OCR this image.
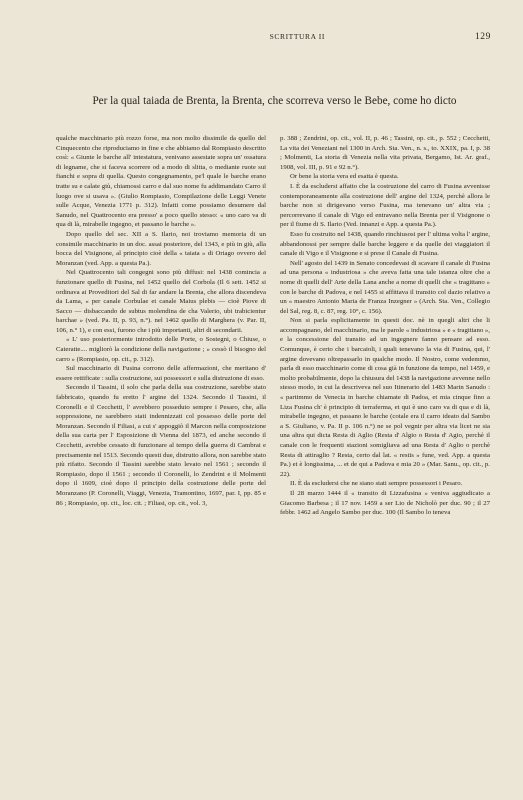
SCRITTURA II	129
Per la qual taiada de Brenta, la Brenta, che scorreva verso le Bebe, come ho dicto

qualche macchinario più rozzo forse, ma non molto dissimile da quello del Cinquecento che riproduciamo in fine e che abbiamo dal Rompiasio descritto così: « Giunte le barche all' intestatura, venivano assestate sopra un' ossatura di legname, che si faceva scorrere od a modo di slitta, o mediante ruote sui fianchi e sopra di quella. Questo congegnamento, pe'l quale le barche erano tratte su e calate giù, chiamossi carro e dal suo nome fu addimandato Carro il luogo ove si usava ». (Giulio Rompiasio, Compilazione delle Leggi Venete sulle Acque, Venezia 1771 p. 312). Infatti come possiamo desumere dal Sanudo, nel Quattrocento era presso' a poco quello stesso: « uno caro va di qua di là, mirabelle ingegno, et passano le barche ».

Dopo quello del sec. XII a S. Ilario, noi troviamo memoria di un consimile macchinario in un doc. assai posteriore, del 1343, e più in giù, alla bocca del Visignone, al principio cioè della « taiata » di Oriago ovvero del Moranzan (ved. App. a questa Pa.).

Nel Quattrocento tali congegni sono più diffusi: nel 1438 comincia a funzionare quello di Fusina, nel 1452 quello del Corbola (Il 6 sett. 1452 si ordinava ai Proveditori del Sal di far andare la Brenta, che allora discendeva da Lama, « per canale Corbulae et canale Maius plebis — cioè Piove di Sacco — disbaccando de subtus molendina de cha Valerio, ubi trabicientur barchae » (ved. Pa. II, p. 93, n.°). nel 1462 quello di Marghera (v. Par. II, 106, n.° 1), e con essi, furono che i più importanti, altri di secondarii.

« L' uso posteriormente introdotto delle Porte, o Sostegni, o Chiuse, o Cateratte.... migliorò la condizione della navigazione ; » cessò il bisogno del carro » (Rompiasio, op. cit., p. 312).

Sul macchinario di Fusina corrono delle affermazioni, che meritano d' essere rettificate : sulla costruzione, sui possessori e sulla distruzione di esso.

Secondo il Tassini, il solo che parla della sua costruzione, sarebbe stato fabbricato, quando fu eretto l' argine del 1324. Secondo il Tassini, il Coronelli e il Cecchetti, l' avrebbero posseduto sempre i Pesaro, che, alla soppressione, ne sarebbero stati indennizzati col possesso delle porte del Moranzan. Secondo il Filiasi, a cui s' appoggiò il Marcon nella composizione della sua carta per l' Esposizione di Vienna del 1873, ed anche secondo il Cecchetti, avrebbe cessato di funzionare al tempo della guerra di Cambrai e precisamente nel 1513. Secondo questi due, distrutto allora, non sarebbe stato più rifatto. Secondo il Tassini sarebbe stato levato nel 1561 ; secondo il Rompiasio, dopo il 1561 ; secondo il Coronelli, lo Zendrini e il Molmenti dopo il 1609, cioè dopo il principio della costruzione delle porte del Moranzano (P. Coronelli, Viaggi, Venezia, Tramontino, 1697, par. I, pp. 85 e 86 ; Rompiasio, op. cit., loc. cit. ; Filiasi, op. cit., vol. 3,

p. 388 ; Zendrini, op. cit., vol. II, p. 46 ; Tassini, op. cit., p. 552 ; Cecchetti, La vita dei Veneziani nel 1300 in Arch. Sta. Ven., n. s., to. XXIX, pa. I, p. 38 ; Molmenti, La storia di Venezia nella vita privata, Bergamo, Ist. Ar. graf., 1908, vol. III, p. 91 e 92 n.°).

Or bene la storia vera ed esatta è questa.

I. È da escludersi affatto che la costruzione del carro di Fusina avvenisse contemporaneamente alla costruzione dell' argine del 1324, perchè allora le barche non si dirigevano verso Fusina, ma tenevano un' altra via ; percorrevano il canale di Vigo ed entravano nella Brenta per il Visignone o per il fiume di S. Ilario (Ved. innanzi e App. a questa Pa.).

Esso fu costruito nel 1438, quando rinchiusosi per l' ultima volta l' argine, abbandonossi per sempre dalle barche leggere e da quelle dei viaggiatori il canale di Vigo e il Visignone e si prese il Canale di Fusina.

Nell' agosto del 1439 in Senato concedevasi di scavare il canale di Fusina ad una persona « industriosa » che aveva fatta una tale istanza oltre che a nome di quelli dell' Arte della Lana anche a nome di quelli che « tragittano » con le barche di Padova, e nel 1455 si affittava il transito col dazio relativo a un « maestro Antonio Maria de Franza Inzegner » (Arch. Sta. Ven., Collegio del Sal, reg. 8, c. 87, reg. 10°, c. 156).

Non si parla esplicitamente in questi doc. nè in quegli altri che li accompagnano, del macchinario, ma le parole « industriosa » e « tragittano », e la concessione del transito ad un ingegnere fanno pensare ad esso. Comunque, è certo che i barcaioli, i quali tenevano la via di Fusina, qui, l' argine dovevano oltrepassarlo in qualche modo. Il Nostro, come vedemmo, parla di esso macchinario come di cosa già in funzione da tempo, nel 1459, e molto probabilmente, dopo la chiusura del 1438 la navigazione avvenne nello stesso modo, in cui la descriveva nel suo Itinerario del 1483 Marin Sanudo : « partimmo de Venecia in barche chiamate di Padoa, et mia cinque fino a Liza Fusina ch' è principio di terraferma, et qui è uno caro va di qua e di là, mirabelle ingegno, et passano le barche (cotale era il carro ideato dal Sambo a S. Giuliano, v. Pa. II p. 106 n.°) ne se pol vegnir per altra via licet ne sia una altra qui dicta Resta di Aglio (Resta d' Algio o Resta d' Agio, perchè il canale con le frequenti stazioni somigliava ad una Resta d' Aglio o perchè Resta di attiraglio ? Resta, certo dal lat. « restis » fune, ved. App. a questa Pa.) et è longissima, ... et de qui a Padova e mia 20 » (Mar. Sanu., op. cit., p. 22).

II. È da escludersi che ne siano stati sempre possessori i Pesaro.

Il 28 marzo 1444 il « transito di Lizzafusina » veniva aggiudicato a Giacomo Barbesa ; il 17 nov. 1459 a ser Lio de Nicholò per duc. 90 ; il 27 febbr. 1462 ad Angelo Sambo per duc. 100 (Il Sambo lo teneva
